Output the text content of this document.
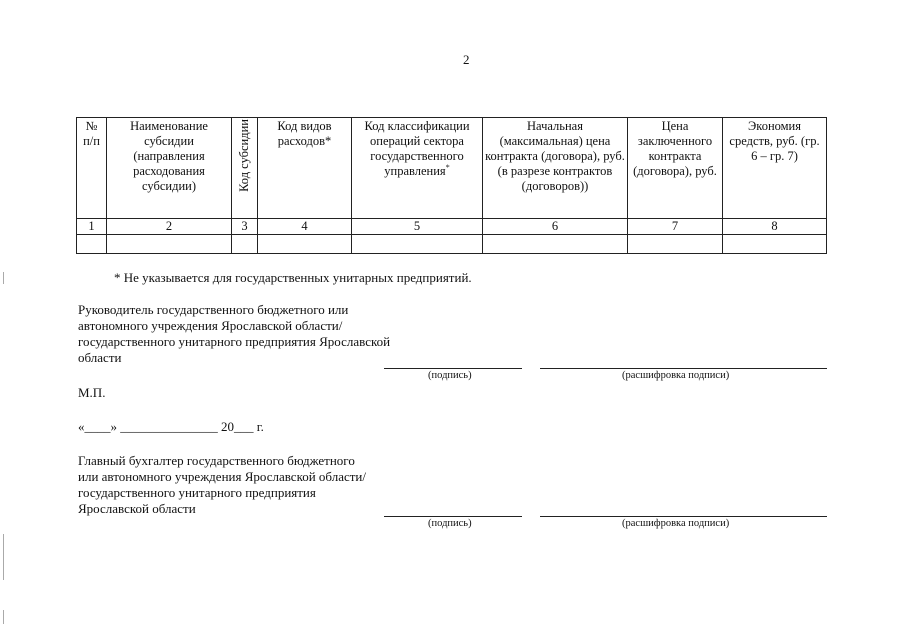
2
№ п/п	Наименование субсидии (направления расходования субсидии)	Код субсидии	Код видов расходов*	Код классификации операций сектора государственного управления*	Начальная (максимальная) цена контракта (договора), руб. (в разрезе контрактов (договоров))	Цена заключенного контракта (договора), руб.	Экономия средств, руб. (гр. 6 – гр. 7)
1	2	3	4	5	6	7	8

* Не указывается для государственных унитарных предприятий.
Руководитель государственного бюджетного или автономного учреждения Ярославской области/ государственного унитарного предприятия Ярославской области
(подпись)	(расшифровка подписи)
М.П.
«____» _______________ 20___ г.
Главный бухгалтер государственного бюджетного или автономного учреждения Ярославской области/ государственного унитарного предприятия Ярославской области
(подпись)	(расшифровка подписи)
